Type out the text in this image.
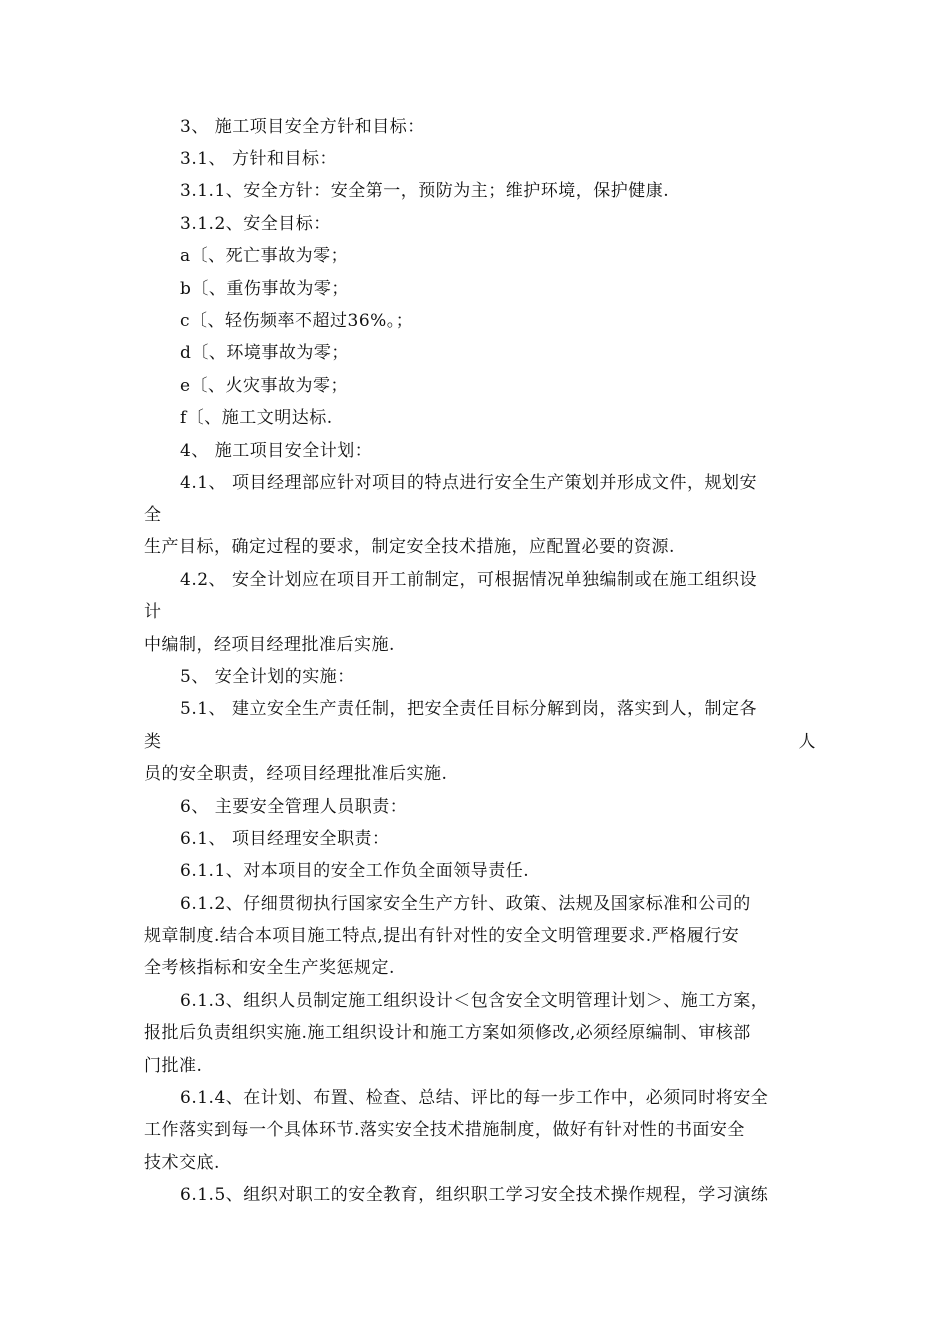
3、 施工项目安全方针和目标：
3.1、 方针和目标：
3.1.1、安全方针：安全第一，预防为主；维护环境，保护健康.
3.1.2、安全目标：
a〔、死亡事故为零；
b〔、重伤事故为零；
c〔、轻伤频率不超过36%。；
d〔、环境事故为零；
e〔、火灾事故为零；
f〔、施工文明达标.
4、 施工项目安全计划：
4.1、 项目经理部应针对项目的特点进行安全生产策划并形成文件，规划安
全
生产目标，确定过程的要求，制定安全技术措施，应配置必要的资源.
4.2、 安全计划应在项目开工前制定，可根据情况单独编制或在施工组织设
计
中编制，经项目经理批准后实施.
5、 安全计划的实施：
5.1、 建立安全生产责任制，把安全责任目标分解到岗，落实到人，制定各
类	人
员的安全职责，经项目经理批准后实施.
6、 主要安全管理人员职责：
6.1、 项目经理安全职责：
6.1.1、对本项目的安全工作负全面领导责任.
6.1.2、仔细贯彻执行国家安全生产方针、政策、法规及国家标准和公司的
规章制度.结合本项目施工特点,提出有针对性的安全文明管理要求.严格履行安
全考核指标和安全生产奖惩规定.
6.1.3、组织人员制定施工组织设计＜包含安全文明管理计划＞、施工方案，
报批后负责组织实施.施工组织设计和施工方案如须修改,必须经原编制、审核部
门批准.
6.1.4、在计划、布置、检查、总结、评比的每一步工作中，必须同时将安全
工作落实到每一个具体环节.落实安全技术措施制度，做好有针对性的书面安全
技术交底.
6.1.5、组织对职工的安全教育，组织职工学习安全技术操作规程，学习演练
